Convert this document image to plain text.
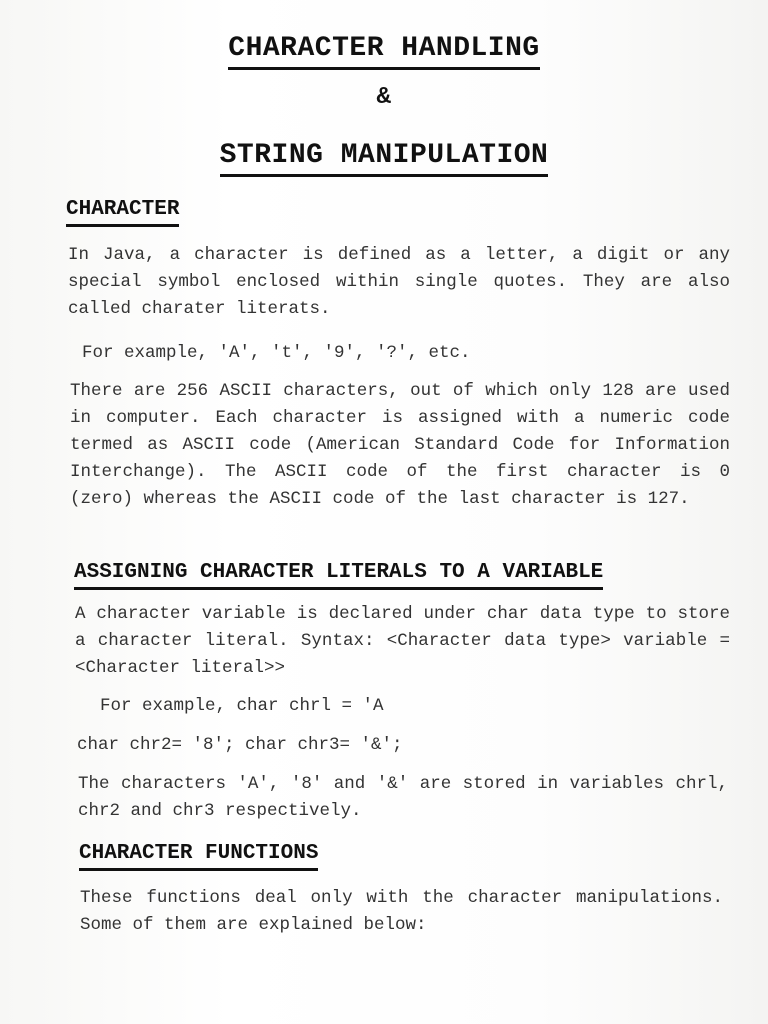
CHARACTER HANDLING
&
STRING MANIPULATION
CHARACTER

In Java, a character is defined as a letter, a digit or any special symbol enclosed within single quotes. They are also called charater literats.

For example, 'A', 't', '9', '?', etc.

There are 256 ASCII characters, out of which only 128 are used in computer. Each character is assigned with a numeric code termed as ASCII code (American Standard Code for Information Interchange). The ASCII code of the first character is 0 (zero) whereas the ASCII code of the last character is 127.

ASSIGNING CHARACTER LITERALS TO A VARIABLE

A character variable is declared under char data type to store a character literal. Syntax: <Character data type> variable = <Character literal>>

For example, char chrl = 'A

char chr2= '8'; char chr3= '&';

The characters 'A', '8' and '&' are stored in variables chrl, chr2 and chr3 respectively.

CHARACTER FUNCTIONS

These functions deal only with the character manipulations. Some of them are explained below:
